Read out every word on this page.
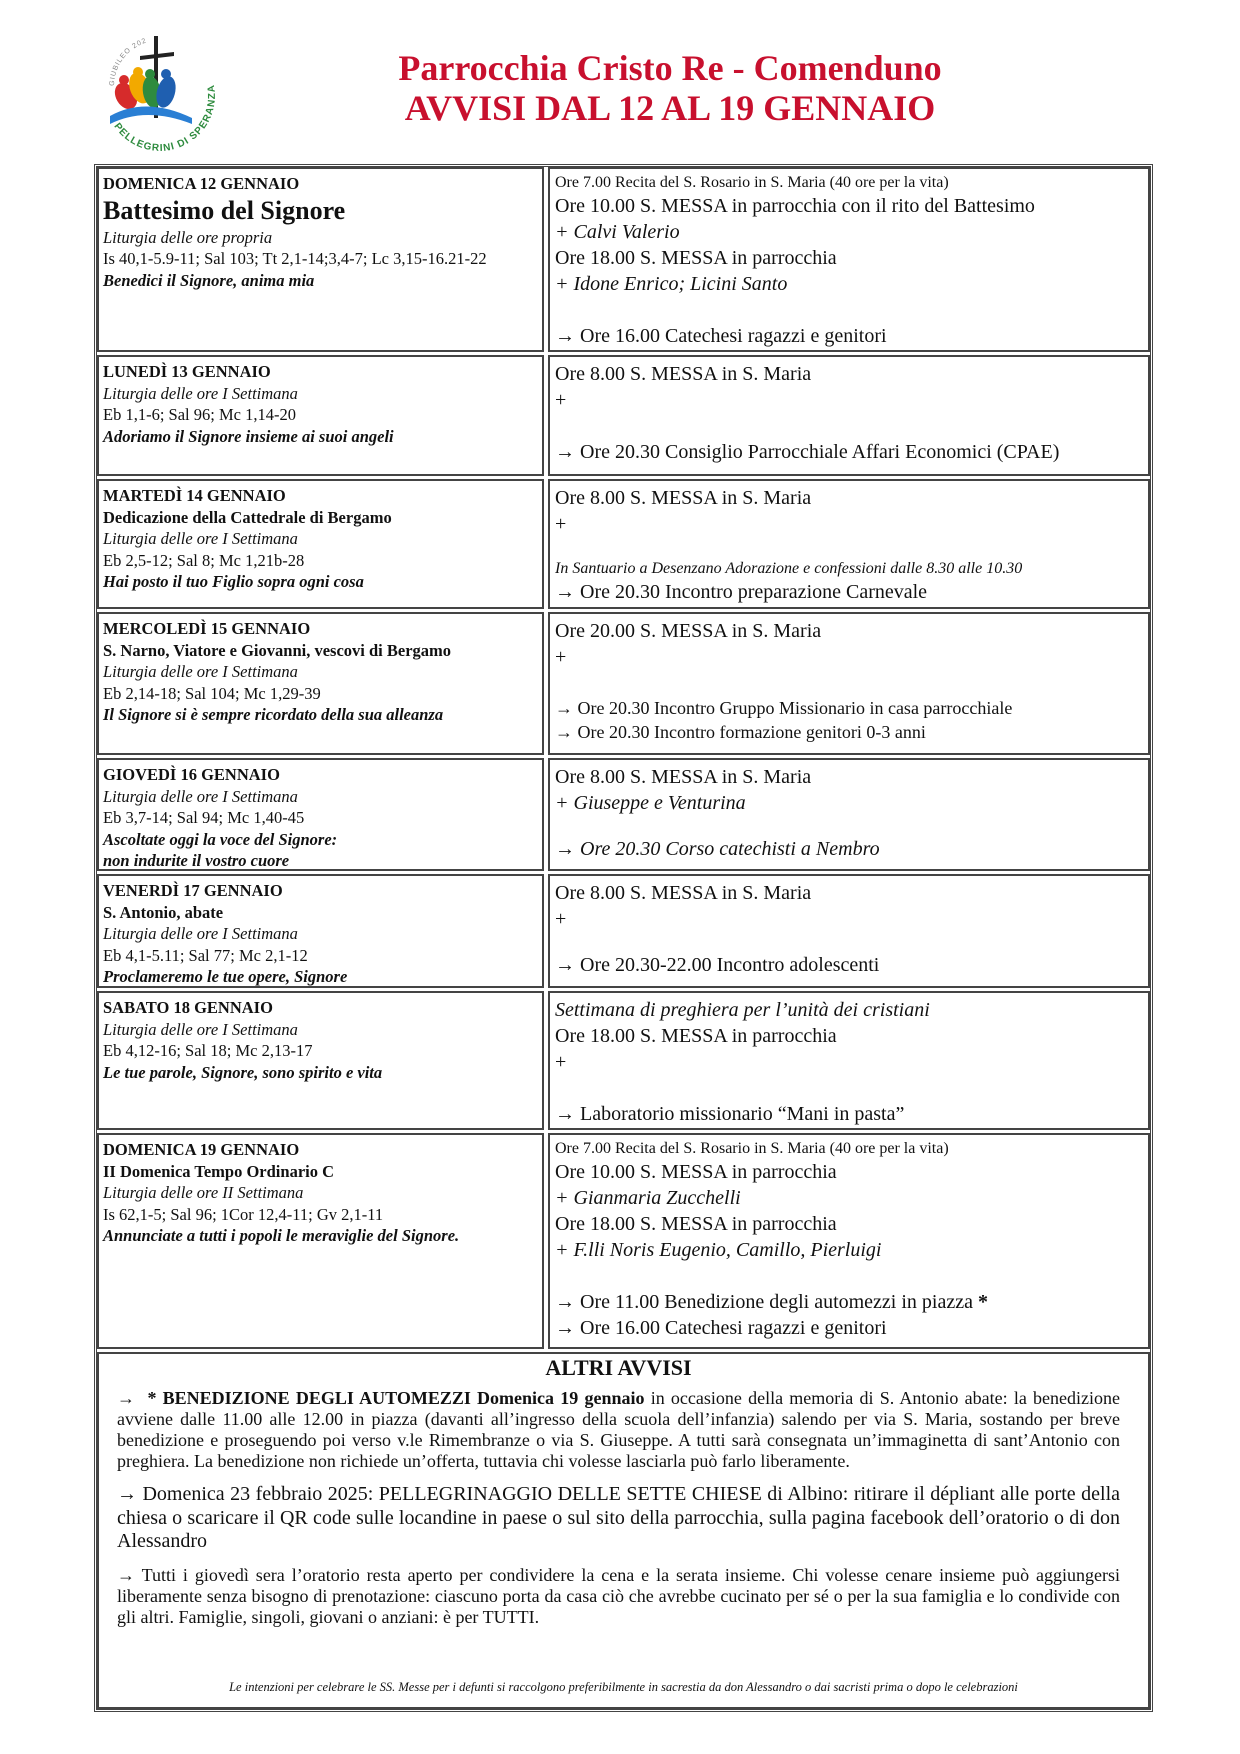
GIUBILEO 202
PELLEGRINI DI SPERANZA
Parrocchia Cristo Re - Comenduno
AVVISI DAL 12 AL 19 GENNAIO
DOMENICA 12 GENNAIO
Battesimo del Signore
Liturgia delle ore propria
Is 40,1-5.9-11; Sal 103; Tt 2,1-14;3,4-7; Lc 3,15-16.21-22
Benedici il Signore, anima mia
Ore 7.00 Recita del S. Rosario in S. Maria (40 ore per la vita)
Ore 10.00 S. MESSA in parrocchia con il rito del Battesimo
+ Calvi Valerio
Ore 18.00 S. MESSA in parrocchia
+ Idone Enrico; Licini Santo
→ Ore 16.00 Catechesi ragazzi e genitori
LUNEDÌ 13 GENNAIO
Liturgia delle ore I Settimana
Eb 1,1-6; Sal 96; Mc 1,14-20
Adoriamo il Signore insieme ai suoi angeli
Ore 8.00 S. MESSA in S. Maria
+
→ Ore 20.30 Consiglio Parrocchiale Affari Economici (CPAE)
MARTEDÌ 14 GENNAIO
Dedicazione della Cattedrale di Bergamo
Liturgia delle ore I Settimana
Eb 2,5-12; Sal 8; Mc 1,21b-28
Hai posto il tuo Figlio sopra ogni cosa
Ore 8.00 S. MESSA in S. Maria
+
In Santuario a Desenzano Adorazione e confessioni dalle 8.30 alle 10.30
→ Ore 20.30 Incontro preparazione Carnevale
MERCOLEDÌ 15 GENNAIO
S. Narno, Viatore e Giovanni, vescovi di Bergamo
Liturgia delle ore I Settimana
Eb 2,14-18; Sal 104; Mc 1,29-39
Il Signore si è sempre ricordato della sua alleanza
Ore 20.00 S. MESSA in S. Maria
+
→ Ore 20.30 Incontro Gruppo Missionario in casa parrocchiale
→ Ore 20.30 Incontro formazione genitori 0-3 anni
GIOVEDÌ 16 GENNAIO
Liturgia delle ore I Settimana
Eb 3,7-14; Sal 94; Mc 1,40-45
Ascoltate oggi la voce del Signore:
non indurite il vostro cuore
Ore 8.00 S. MESSA in S. Maria
+ Giuseppe e Venturina
→ Ore 20.30 Corso catechisti a Nembro
VENERDÌ 17 GENNAIO
S. Antonio, abate
Liturgia delle ore I Settimana
Eb 4,1-5.11; Sal 77; Mc 2,1-12
Proclameremo le tue opere, Signore
Ore 8.00 S. MESSA in S. Maria
+
→ Ore 20.30-22.00 Incontro adolescenti
SABATO 18 GENNAIO
Liturgia delle ore I Settimana
Eb 4,12-16; Sal 18; Mc 2,13-17
Le tue parole, Signore, sono spirito e vita
Settimana di preghiera per l’unità dei cristiani
Ore 18.00 S. MESSA in parrocchia
+
→ Laboratorio missionario “Mani in pasta”
DOMENICA 19 GENNAIO
II Domenica Tempo Ordinario C
Liturgia delle ore II Settimana
Is 62,1-5; Sal 96; 1Cor 12,4-11; Gv 2,1-11
Annunciate a tutti i popoli le meraviglie del Signore.
Ore 7.00 Recita del S. Rosario in S. Maria (40 ore per la vita)
Ore 10.00 S. MESSA in parrocchia
+ Gianmaria Zucchelli
Ore 18.00 S. MESSA in parrocchia
+ F.lli Noris Eugenio, Camillo, Pierluigi
→ Ore 11.00 Benedizione degli automezzi in piazza *
→ Ore 16.00 Catechesi ragazzi e genitori
ALTRI AVVISI

→ * BENEDIZIONE DEGLI AUTOMEZZI Domenica 19 gennaio in occasione della memoria di S. Antonio abate: la benedizione avviene dalle 11.00 alle 12.00 in piazza (davanti all’ingresso della scuola dell’infanzia) salendo per via S. Maria, sostando per breve benedizione e proseguendo poi verso v.le Rimembranze o via S. Giuseppe. A tutti sarà consegnata un’immaginetta di sant’Antonio con preghiera. La benedizione non richiede un’offerta, tuttavia chi volesse lasciarla può farlo liberamente.

→ Domenica 23 febbraio 2025: PELLEGRINAGGIO DELLE SETTE CHIESE di Albino: ritirare il dépliant alle porte della chiesa o scaricare il QR code sulle locandine in paese o sul sito della parrocchia, sulla pagina facebook dell’oratorio o di don Alessandro

→ Tutti i giovedì sera l’oratorio resta aperto per condividere la cena e la serata insieme. Chi volesse cenare insieme può aggiungersi liberamente senza bisogno di prenotazione: ciascuno porta da casa ciò che avrebbe cucinato per sé o per la sua famiglia e lo condivide con gli altri. Famiglie, singoli, giovani o anziani: è per TUTTI.

Le intenzioni per celebrare le SS. Messe per i defunti si raccolgono preferibilmente in sacrestia da don Alessandro o dai sacristi prima o dopo le celebrazioni
